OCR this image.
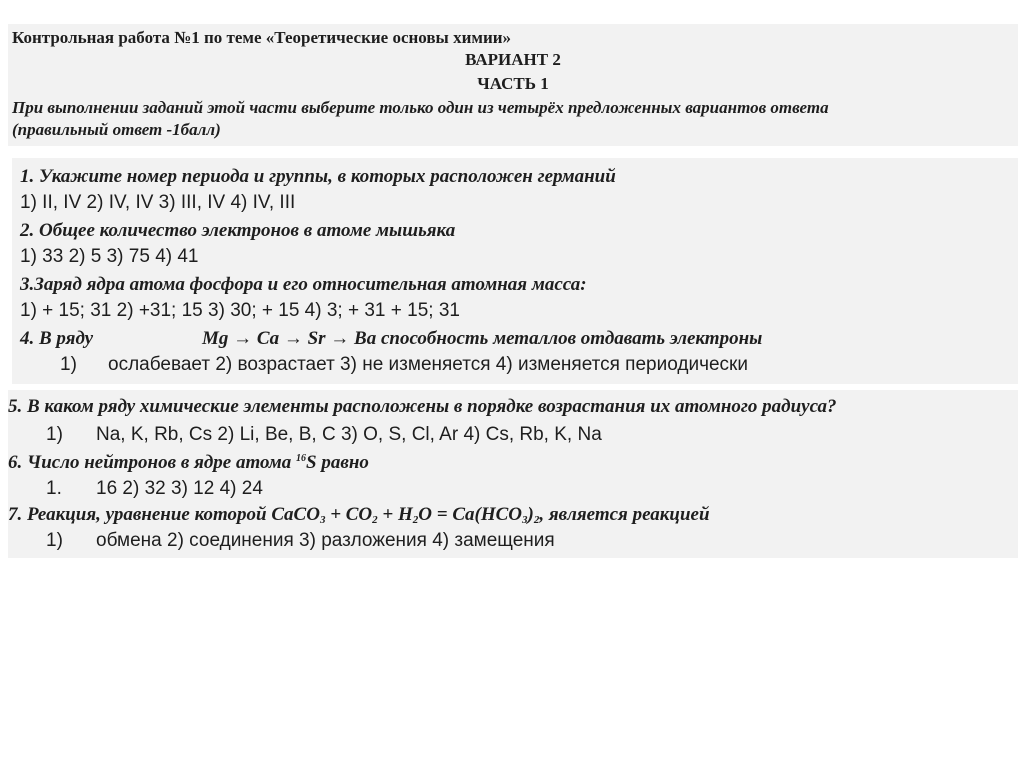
Контрольная работа №1 по теме «Теоретические основы химии»
ВАРИАНТ 2
ЧАСТЬ 1
При выполнении заданий этой части выберите только один из четырёх предложенных вариантов ответа
(правильный ответ -1балл)
1. Укажите номер периода и группы, в которых расположен германий
1) II, IV 2) IV, IV 3) III, IV 4) IV, III
2. Общее количество электронов в атоме мышьяка
1) 33 2) 5 3) 75 4) 41
3.Заряд ядра атома фосфора и его относительная атомная масса:
1) + 15; 31 2) +31; 15 3) 30; + 15 4) 3; + 31 + 15; 31
4. В ряду	Mg → Ca → Sr → Ba способность металлов отдавать электроны
1) ослабевает 2) возрастает 3) не изменяется 4) изменяется периодически
5. В каком ряду химические элементы расположены в порядке возрастания их атомного радиуса?
1) Na, K, Rb, Cs 2) Li, Be, B, C 3) O, S, Cl, Ar 4) Cs, Rb, K, Na
6. Число нейтронов в ядре атома $^{16}$S равно
1. 16 2) 32 3) 12 4) 24
7. Реакция, уравнение которой CaCO$_3$ + $CO_2 + H_2O = Ca(HCO_3)_2$, является реакцией
1) обмена 2) соединения 3) разложения 4) замещения
